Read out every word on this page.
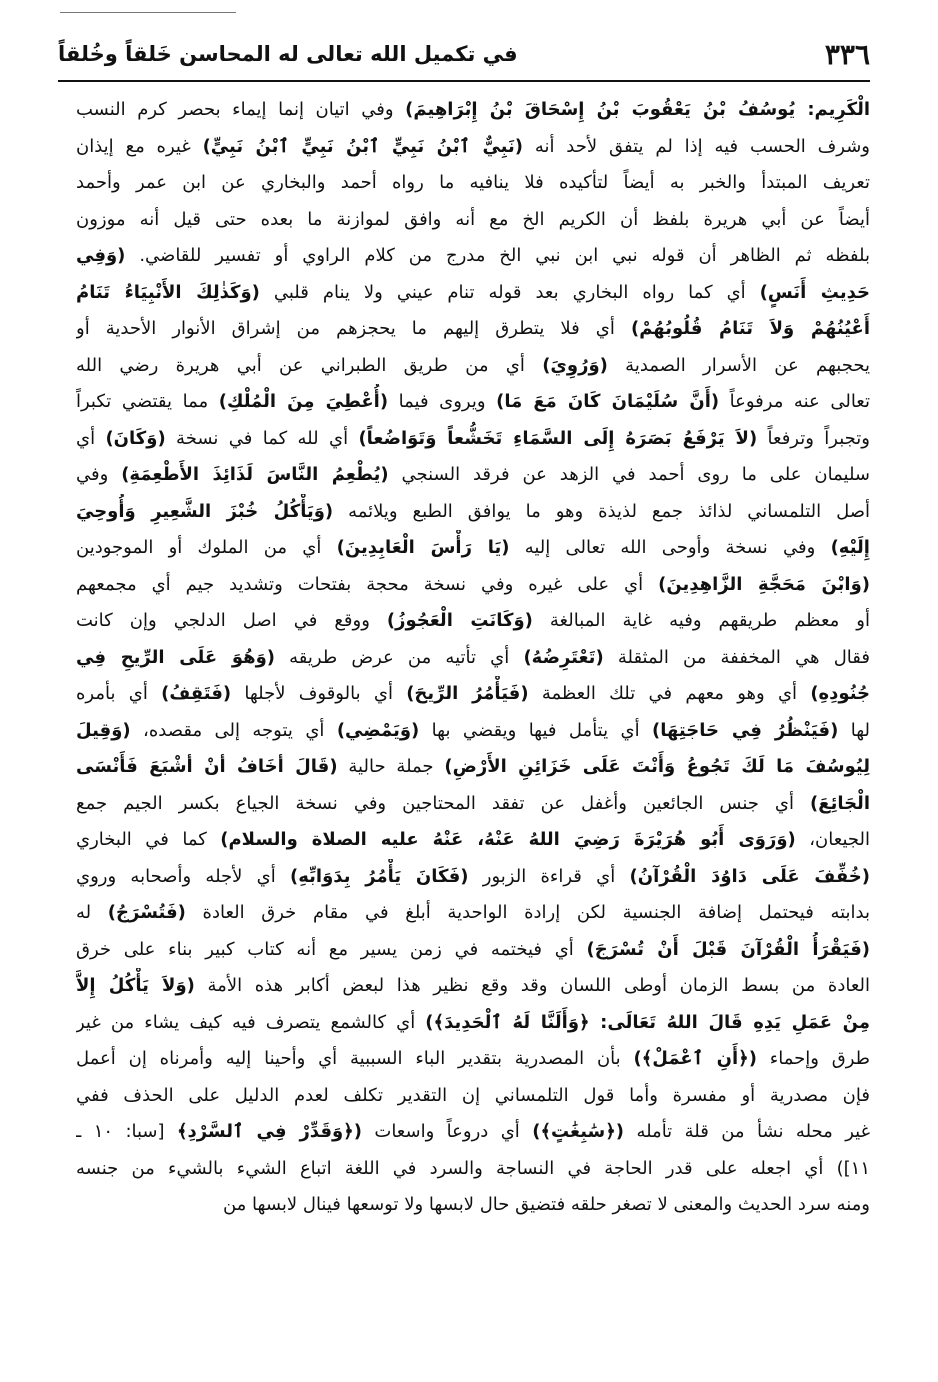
٣٣٦
في تكميل الله تعالى له المحاسن خَلقاً وخُلقاً
الْكَرِيم: يُوسُفُ بْنُ يَعْقُوبَ بْنُ إِسْحَاقَ بْنُ إِبْرَاهِيمَ) وفي اتيان إنما إيماء بحصر كرم النسب
وشرف الحسب فيه إذا لم يتفق لأحد أنه (نَبِيٌّ ٱبْنُ نَبِيٍّ ٱبْنُ نَبِيٍّ ٱبْنُ نَبِيٍّ) غيره مع إيذان
تعريف المبتدأ والخبر به أيضاً لتأكيده فلا ينافيه ما رواه أحمد والبخاري عن ابن عمر وأحمد
أيضاً عن أبي هريرة بلفظ أن الكريم الخ مع أنه وافق لموازنة ما بعده حتى قيل أنه موزون
بلفظه ثم الظاهر أن قوله نبي ابن نبي الخ مدرج من كلام الراوي أو تفسير للقاضي. (وَفِي
حَدِيثِ أَنَسٍ) أي كما رواه البخاري بعد قوله تنام عيني ولا ينام قلبي (وَكَذٰلِكَ الأَنْبِيَاءُ تَنَامُ
أَعْيُنُهُمْ وَلاَ تَنَامُ قُلُوبُهُمْ) أي فلا يتطرق إليهم ما يحجزهم من إشراق الأنوار الأحدية أو
يحجبهم عن الأسرار الصمدية (وَرُوِيَ) أي من طريق الطبراني عن أبي هريرة رضي الله
تعالى عنه مرفوعاً (أَنَّ سُلَيْمَانَ كَانَ مَعَ مَا) ويروى فيما (أُعْطِيَ مِنَ الْمُلْكِ) مما يقتضي تكبراً
وتجبراً وترفعاً (لاَ يَرْفَعُ بَصَرَهُ إِلَى السَّمَاءِ تَخَشُّعاً وَتَوَاضُعاً) أي لله كما في نسخة (وَكَانَ) أي
سليمان على ما روى أحمد في الزهد عن فرقد السنجي (يُطْعِمُ النَّاسَ لَذَائِذَ الأَطْعِمَةِ) وفي
أصل التلمساني لذائذ جمع لذيذة وهو ما يوافق الطبع ويلائمه (وَيَأْكُلُ خُبْزَ الشَّعِيرِ وَأُوحِيَ
إِلَيْهِ) وفي نسخة وأوحى الله تعالى إليه (يَا رَأْسَ الْعَابِدِينَ) أي من الملوك أو الموجودين
(وَابْنَ مَحَجَّةِ الزَّاهِدِينَ) أي على غيره وفي نسخة محجة بفتحات وتشديد جيم أي مجمعهم
أو معظم طريقهم وفيه غاية المبالغة (وَكَانَتِ الْعَجُوزُ) ووقع في اصل الدلجي وإن كانت
فقال هي المخففة من المثقلة (تَعْتَرِضُهُ) أي تأتيه من عرض طريقه (وَهُوَ عَلَى الرِّيحِ فِي
جُنُودِهِ) أي وهو معهم في تلك العظمة (فَيَأْمُرُ الرِّيحَ) أي بالوقوف لأجلها (فَتَقِفُ) أي بأمره
لها (فَيَنْظُرُ فِي حَاجَتِهَا) أي يتأمل فيها ويقضي بها (وَيَمْضِي) أي يتوجه إلى مقصده، (وَقِيلَ
لِيُوسُفَ مَا لَكَ تَجُوعُ وَأَنْتَ عَلَى خَزَائِنِ الأَرْضِ) جملة حالية (قَالَ أخَافُ أنْ أشْبَعَ فَأَنْسَى
الْجَائِعَ) أي جنس الجائعين وأغفل عن تفقد المحتاجين وفي نسخة الجياع بكسر الجيم جمع
الجيعان، (وَرَوَى أَبُو هُرَيْرَةَ رَضِيَ اللهُ عَنْهُ، عَنْهُ عليه الصلاة والسلام) كما في البخاري
(خُفِّفَ عَلَى دَاوُدَ الْقُرْآنُ) أي قراءة الزبور (فَكَانَ يَأْمُرُ بِدَوَابِّهِ) أي لأجله وأصحابه وروي
بدابته فيحتمل إضافة الجنسية لكن إرادة الواحدية أبلغ في مقام خرق العادة (فَتُسْرَجُ) له
(فَيَقْرَأُ الْقُرْآنَ قَبْلَ أَنْ تُسْرَجَ) أي فيختمه في زمن يسير مع أنه كتاب كبير بناء على خرق
العادة من بسط الزمان أوطى اللسان وقد وقع نظير هذا لبعض أكابر هذه الأمة (وَلاَ يَأْكُلُ إِلاَّ
مِنْ عَمَلِ يَدِهِ قَالَ اللهُ تَعَالَى: ﴿وَأَلَنَّا لَهُ ٱلْحَدِيدَ﴾) أي كالشمع يتصرف فيه كيف يشاء من غير
طرق وإحماء (﴿أَنِ ٱعْمَلْ﴾) بأن المصدرية بتقدير الباء السببية أي وأحينا إليه وأمرناه إن أعمل
فإن مصدرية أو مفسرة وأما قول التلمساني إن التقدير تكلف لعدم الدليل على الحذف ففي
غير محله نشأ من قلة تأمله (﴿سَٰبِغَٰتٍ﴾) أي دروعاً واسعات (﴿وَقَدِّرْ فِي ٱلسَّرْدِ﴾ [سبا: ١٠ ـ
١١]) أي اجعله على قدر الحاجة في النساجة والسرد في اللغة اتباع الشيء بالشيء من جنسه
ومنه سرد الحديث والمعنى لا تصغر حلقه فتضيق حال لابسها ولا توسعها فينال لابسها من
